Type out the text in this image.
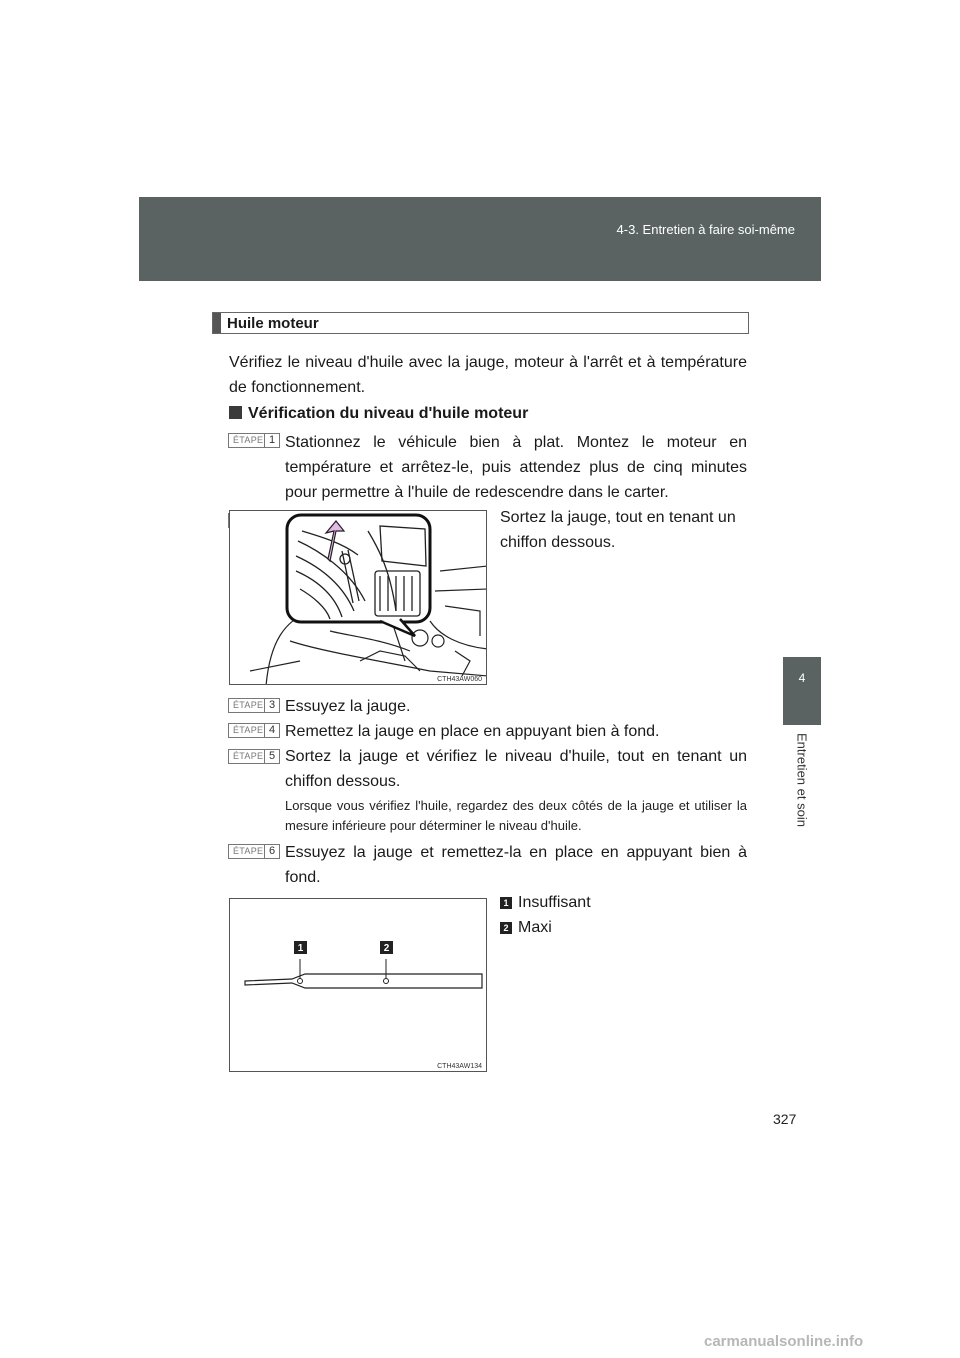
4-3. Entretien à faire soi-même
4
Entretien et soin
Huile moteur
Vérifiez le niveau d'huile avec la jauge, moteur à l'arrêt et à température de fonctionnement.
Vérification du niveau d'huile moteur
ÉTAPE 1 Stationnez le véhicule bien à plat. Montez le moteur en température et arrêtez-le, puis attendez plus de cinq minutes pour permettre à l'huile de redescendre dans le carter.
Sortez la jauge, tout en tenant un chiffon dessous.
CTH43AW060
ÉTAPE 3 Essuyez la jauge.
ÉTAPE 4 Remettez la jauge en place en appuyant bien à fond.
ÉTAPE 5 Sortez la jauge et vérifiez le niveau d'huile, tout en tenant un chiffon dessous.
Lorsque vous vérifiez l'huile, regardez des deux côtés de la jauge et utiliser la mesure inférieure pour déterminer le niveau d'huile.
ÉTAPE 6 Essuyez la jauge et remettez-la en place en appuyant bien à fond.
1	2
CTH43AW134
1 Insuffisant
2 Maxi
327
carmanualsonline.info
